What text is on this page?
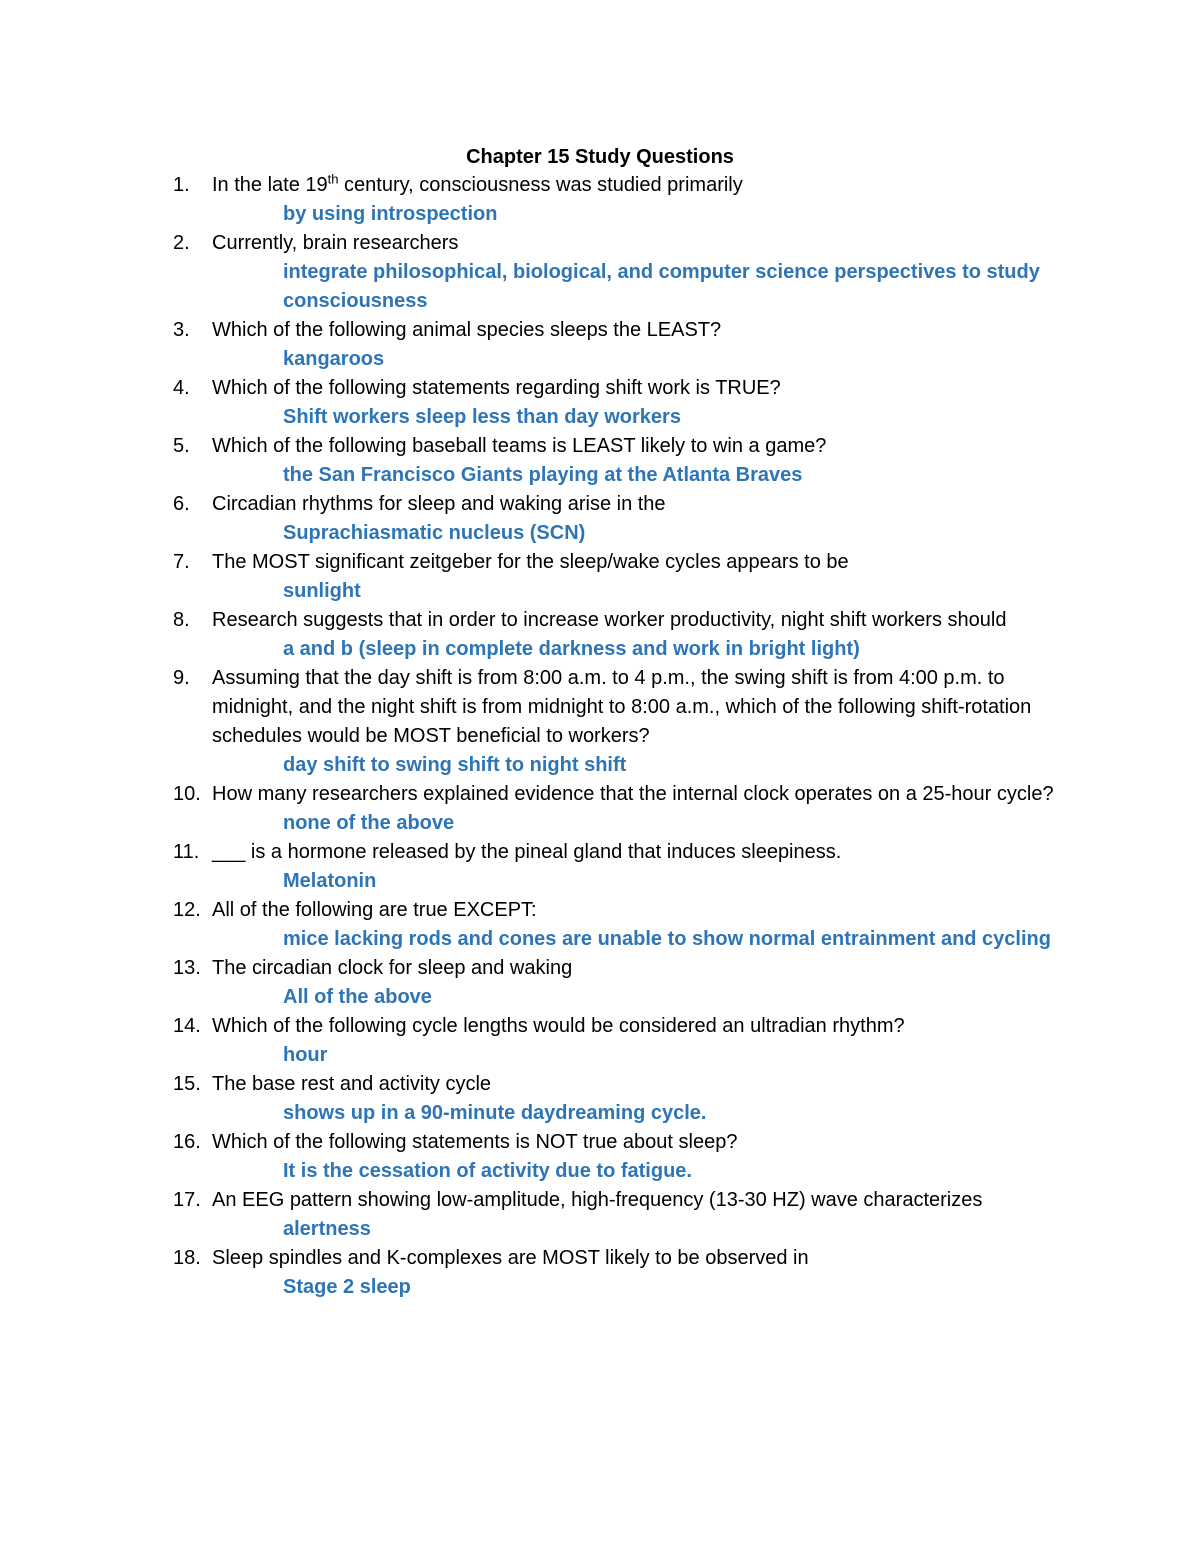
Chapter 15 Study Questions
1. In the late 19th century, consciousness was studied primarily
by using introspection
2. Currently, brain researchers
integrate philosophical, biological, and computer science perspectives to study consciousness
3. Which of the following animal species sleeps the LEAST?
kangaroos
4. Which of the following statements regarding shift work is TRUE?
Shift workers sleep less than day workers
5. Which of the following baseball teams is LEAST likely to win a game?
the San Francisco Giants playing at the Atlanta Braves
6. Circadian rhythms for sleep and waking arise in the
Suprachiasmatic nucleus (SCN)
7. The MOST significant zeitgeber for the sleep/wake cycles appears to be
sunlight
8. Research suggests that in order to increase worker productivity, night shift workers should
a and b (sleep in complete darkness and work in bright light)
9. Assuming that the day shift is from 8:00 a.m. to 4 p.m., the swing shift is from 4:00 p.m. to midnight, and the night shift is from midnight to 8:00 a.m., which of the following shift-rotation schedules would be MOST beneficial to workers?
day shift to swing shift to night shift
10. How many researchers explained evidence that the internal clock operates on a 25-hour cycle?
none of the above
11. ___ is a hormone released by the pineal gland that induces sleepiness.
Melatonin
12. All of the following are true EXCEPT:
mice lacking rods and cones are unable to show normal entrainment and cycling
13. The circadian clock for sleep and waking
All of the above
14. Which of the following cycle lengths would be considered an ultradian rhythm?
hour
15. The base rest and activity cycle
shows up in a 90-minute daydreaming cycle.
16. Which of the following statements is NOT true about sleep?
It is the cessation of activity due to fatigue.
17. An EEG pattern showing low-amplitude, high-frequency (13-30 HZ) wave characterizes
alertness
18. Sleep spindles and K-complexes are MOST likely to be observed in
Stage 2 sleep
